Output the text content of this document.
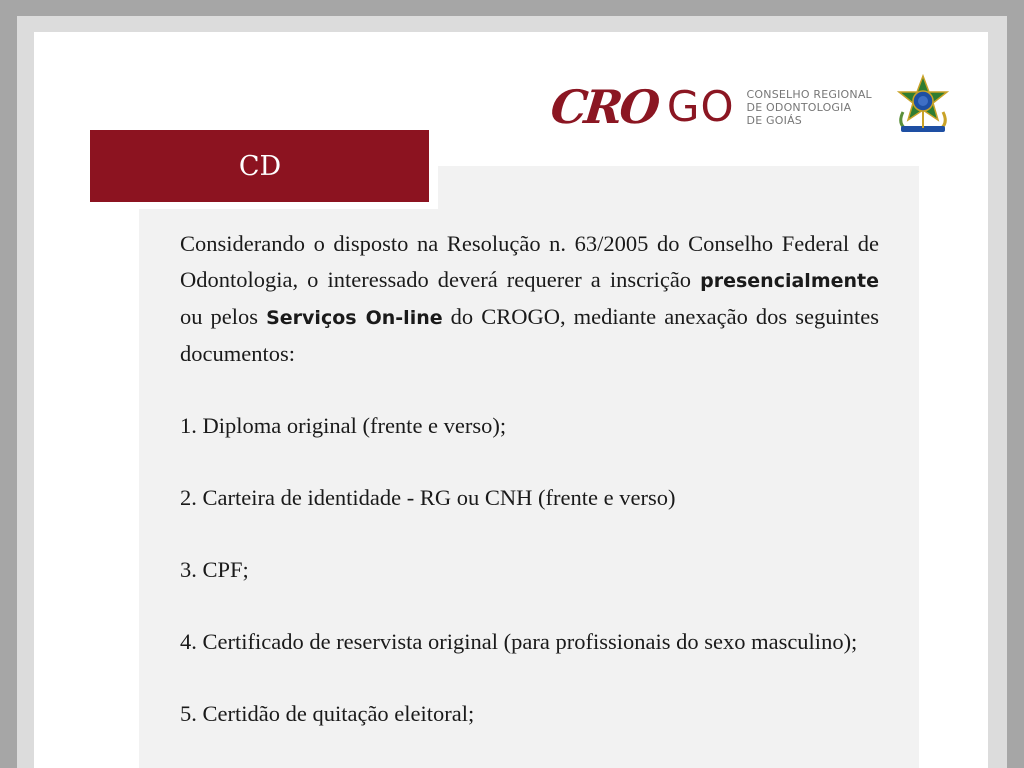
CRO GO CONSELHO REGIONAL
DE ODONTOLOGIA
DE GOIÁS
CD

Considerando o disposto na Resolução n. 63/2005 do Conselho Federal de Odontologia, o interessado deverá requerer a inscrição presencialmente ou pelos Serviços On-line do CROGO, mediante anexação dos seguintes documentos:

1. Diploma original (frente e verso);

2. Carteira de identidade - RG ou CNH (frente e verso)

3. CPF;

4. Certificado de reservista original (para profissionais do sexo masculino);

5. Certidão de quitação eleitoral;
